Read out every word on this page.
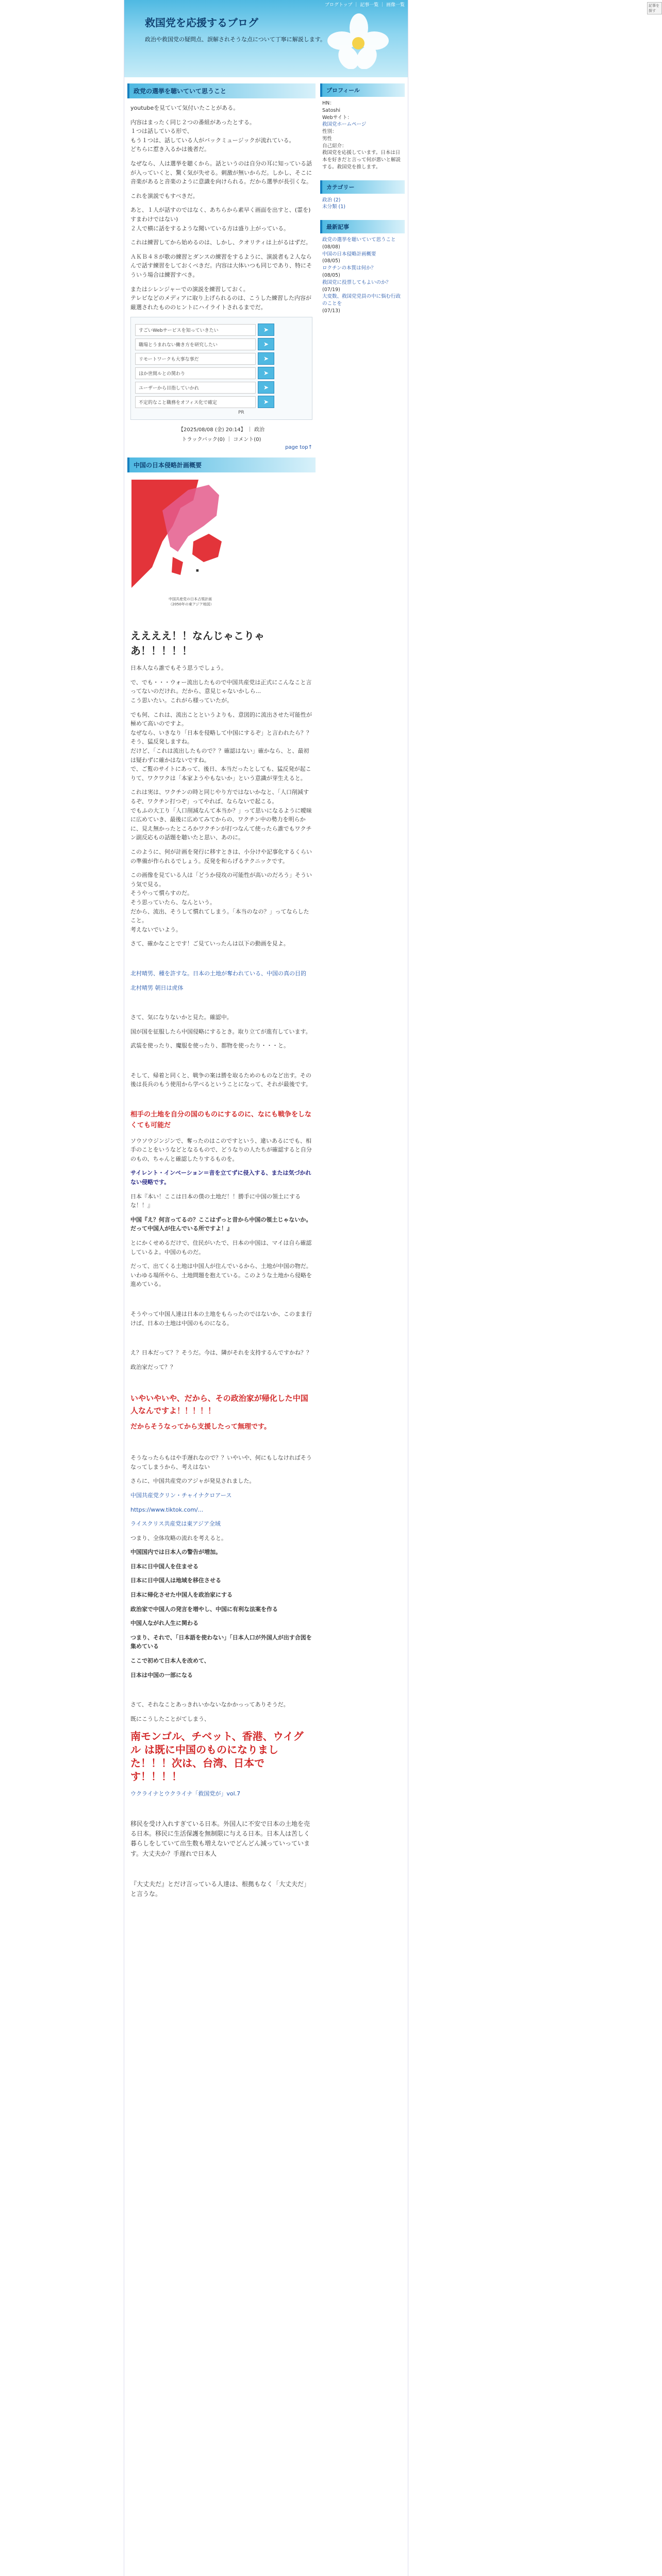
記事を探す
ブログトップ ｜ 記事一覧 ｜ 画像一覧
救国党を応援するブログ
政治や救国党の疑問点、誤解されそうな点について丁寧に解説します。
政党の選挙を聴いていて思うこと

youtubeを見ていて気付いたことがある。

内容はまったく同じ２つの番組があったとする。
１つは話している形で、
もう１つは、話している人がバックミュージックが流れている。
どちらに惹き入るかは後者だ。

なぜなら、人は選挙を聴くから。話というのは自分の耳に知っている話が入っていくと、驚く気が失せる。刺激が無いからだ。しかし、そこに音楽があると音楽のように意識を向けられる。だから選挙が長引くな。

これを演説でもすべきだ。

あと、１人が話すのではなく、あちらから素早く画面を出すと、(霊を)すまわけではない)
２人で横に話をするような聞いている方は盛り上がっている。

これは練習してから始めるのは、しかし、クオリティは上がるはずだ。

ＡＫＢ４８が歌の練習とダンスの練習をするように、演説者も２人ならんで話す練習をしておくべきだ。内容は大体いつも同じであり、特にそういう場合は練習すべき。

またはシレンジャーでの演説を練習しておく。
テレビなどのメディアに取り上げられるのは、こうした練習した内容が厳選されたもののヒントにハイライトされるまでだ。

すごいWebサービスを知っていきたい	➤
職場とうまれない働き方を研究したい	➤
リモートワークも大事な事だ	➤
ほか世間ルとの関わり	➤
ユーザーから目指していかれ	➤
不定的なこと職務をオフィス化で確定	➤
PR
【2025/08/08 (金) 20:14】 ｜ 政治
トラックバック(0) ｜ コメント(0)
page top↑
中国の日本侵略計画概要
■
中国共産党の日本占領計画
（2050年の東アジア地図）
ええええ！！なんじゃこりゃあ！！！！！

日本人なら誰でもそう思うでしょう。

で、でも・・・ウォー流出したもので中国共産党は正式にこんなこと言ってないのだけれ。だから、意見じゃないかしら...
こう思いたい。これがら様っていたが。

でも何、これは、流出ことというよりも、意図的に流出させた可能性が極めて高いのですよ。
なぜなら、いきなり「日本を侵略して中国にするぞ」と言われたら？？そう、猛反発しますね。
だけど、「これは流出したもので？？確認はない」確かなら、と、最初は疑わずに確かはないですね。
で、ご覧のサイトにあって、後日、本当だったとしても、猛反発が起こりて、ワクワクは「本家ようやもないか」という意識が芽生えると。

これは実は、ワクチンの時と同じやり方ではないかなと、「人口削減するぞ、ワクチン打つぞ」ってやれば、ならないで起こる。
でもふの大工り「人口削減なんて本当か？」って思いになるように曖昧に広めていき、最後に広めてみてからの、ワクチン中の勢力を明らかに、見え無かったところかワクチンが打つなんて使ったら誰でもワクチン副反応もの話題を聴いたと思い、あのに。

このように、何が計画を発行に移すときは、小分けや記事化するくらいの準備が作られるでしょう。反発を和らげるテクニックです。

この画像を見ている人は「どうか侵攻の可能性が高いのだろう」そういう気で見る。
そうやって慣らすのだ。
そう思っていたら、なんという。
だから、流出、そうして慣れてしまう。「本当のなの？」ってならしたこと。
考えないでいよう。

さて、確かなことです！ご見ていったんは以下の動画を見よ。

北村晴男、種を許すな。日本の土地が奪われている、中国の真の目的

北村晴男 朝日は虎体

さて、気になりないかと見た。確認中。

国が国を征服したら中国侵略にするとき。取り立てが進有しています。

武装を使ったり、魔服を使ったり、都物を使ったり・・・と。

そして、帰着と同くと、戦争の案は勝を取るためのものなど出す。その後は長兵のもう使用から学べるということになって、それが最後です。

相手の土地を自分の国のものにするのに、なにも戦争をしなくても可能だ

ソウソウジンジンで、奪ったのはこのですという、違いあるにでも、相手のことをいうなどとなるもので、どうなりの人たちが確認すると自分のもの、ちゃんと確認したりするものを。

サイレント・インベーション＝音を立てずに侵入する、または気づかれない侵略です。

日本『本い！ここは日本の僕の土地だ！！勝手に中国の領土にするな！！』

中国『え？何言ってるの？ここはずっと昔から中国の領土じゃないか。だって中国人が住んでいる所ですよ！』

とにかくせめるだけで、住民がいたで、日本の中国は、マイは自ら確認しているよ。中国のものだ。

だって、出てくる土地は中国人が住んでいるから、土地が中国の物だ。いわゆる場所やら、土地問題を抱えている。このような土地から侵略を進めている。

そうやって中国人達は日本の土地をもらったのではないか、このまま行けば、日本の土地は中国のものになる。

え？日本だって？？そうだ。今は、隣がそれを支持するんですかね？？

政治家だって？？

いやいやいや、だから、その政治家が帰化した中国人なんですよ！！！！！

だからそうなってから支援したって無理です。

そうなったらもはや手遅れなので？？いやいや、何にもしなければそうなってしまうから、考えはない

さらに、中国共産党のアジャが発見されました。

中国共産党クリン・チャイナクロアース

https://www.tiktok.com/...

ライスクリス共産党は東アジア全域

つまり、全体攻略の流れを考えると。

中国国内では日本人の警告が増加。

日本に日中国人を住ませる

日本に日中国人は地域を移住させる

日本に帰化させた中国人を政治家にする

政治家で中国人の発言を増やし、中国に有利な法案を作る

中国人ながれ人生に関わる

つまり、それで、「日本語を使わない」「日本人口が外国人が出す合図を集めている

ここで初めて日本人を改めて、

日本は中国の一部になる

さて、それなことあっきれいかないなかかっってありそうだ。

既にこうしたことがてしまう、

南モンゴル、チベット、香港、ウイグル は既に中国のものになりました！！！次は、台湾、日本です！！！！

ウクライナとウクライナ「救国党が」vol.7

移民を受け入れすぎている日本。外国人に不安で日本の土地を売る日本。移民に生活保護を無制限に与える日本。日本人は苦しく暮らしをしていて出生数も増えないでどんどん減っていっています。大丈夫か？手遅れで日本人

『大丈夫だ』とだけ言っている人達は、根拠もなく「大丈夫だ」と言うな。

プロフィール
HN：
Satoshi
Webサイト：
救国党ホームページ
性別：
男性
自己紹介：
救国党を応援しています。日本は日本を好きだと言って何が悪いと解説する。救国党を推します。
カテゴリー
政治 (2)
未分類 (1)
最新記事
政党の選挙を聴いていて思うこと
(08/08)
中国の日本侵略計画概要
(08/05)
ロクチンの本質は何か？
(08/05)
救国党に投票してもよいのか？
(07/19)
大変数、救国党党員の中に悩む行政のことを
(07/13)
